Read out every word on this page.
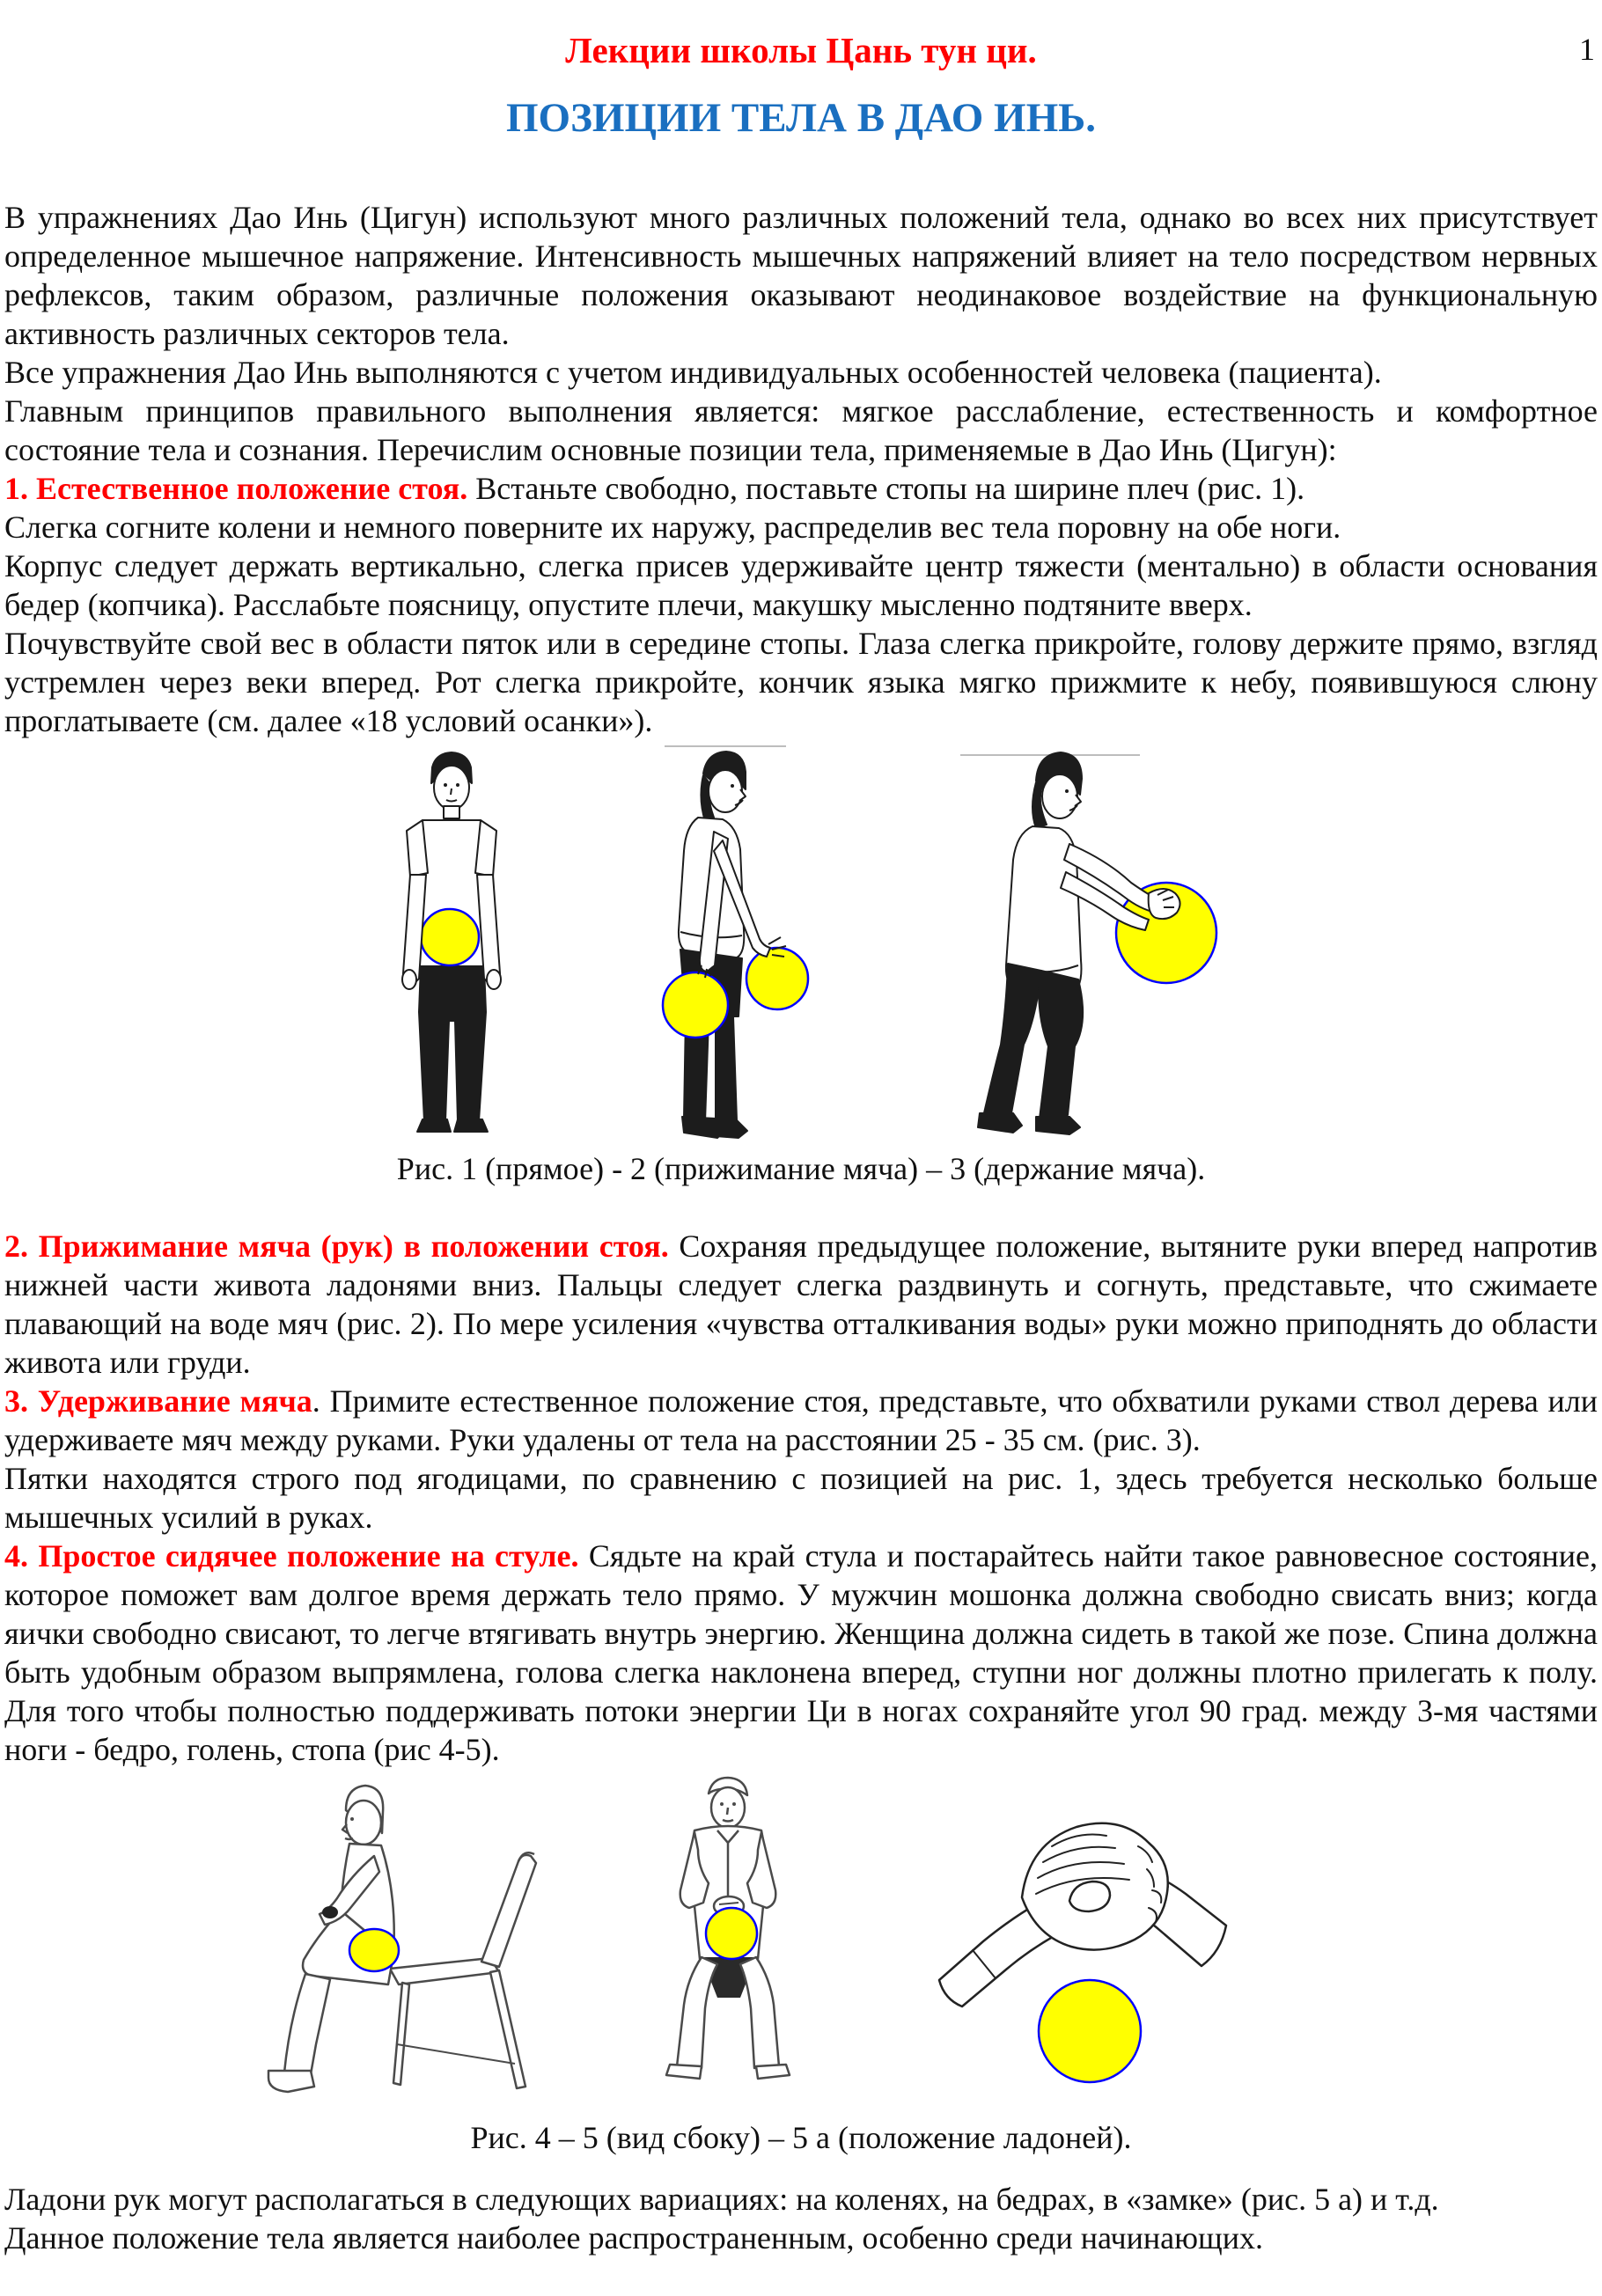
1
Лекции школы Цань тун ци.
ПОЗИЦИИ ТЕЛА В ДАО ИНЬ.

В упражнениях Дао Инь (Цигун) используют много различных положений тела, однако во всех них присутствует определенное мышечное напряжение. Интенсивность мышечных напряжений влияет на тело посредством нервных рефлексов, таким образом, различные положения оказывают неодинаковое воздействие на функциональную активность различных секторов тела.

Все упражнения Дао Инь выполняются с учетом индивидуальных особенностей человека (пациента).

Главным принципов правильного выполнения является: мягкое расслабление, естественность и комфортное состояние тела и сознания. Перечислим основные позиции тела, применяемые в Дао Инь (Цигун):

1. Естественное положение стоя. Встаньте свободно, поставьте стопы на ширине плеч (рис. 1).

Слегка согните колени и немного поверните их наружу, распределив вес тела поровну на обе ноги.

Корпус следует держать вертикально, слегка присев удерживайте центр тяжести (ментально) в области основания бедер (копчика). Расслабьте поясницу, опустите плечи, макушку мысленно подтяните вверх.

Почувствуйте свой вес в области пяток или в середине стопы. Глаза слегка прикройте, голову держите прямо, взгляд устремлен через веки вперед. Рот слегка прикройте, кончик языка мягко прижмите к небу, появившуюся слюну проглатываете (см. далее «18 условий осанки»).

Рис. 1 (прямое) - 2 (прижимание мяча) – 3 (держание мяча).

2. Прижимание мяча (рук) в положении стоя. Сохраняя предыдущее положение, вытяните руки вперед напротив нижней части живота ладонями вниз. Пальцы следует слегка раздвинуть и согнуть, представьте, что сжимаете плавающий на воде мяч (рис. 2). По мере усиления «чувства отталкивания воды» руки можно приподнять до области живота или груди.

3. Удерживание мяча. Примите естественное положение стоя, представьте, что обхватили руками ствол дерева или удерживаете мяч между руками. Руки удалены от тела на расстоянии 25 - 35 см. (рис. 3).

Пятки находятся строго под ягодицами, по сравнению с позицией на рис. 1, здесь требуется несколько больше мышечных усилий в руках.

4. Простое сидячее положение на стуле. Сядьте на край стула и постарайтесь найти такое равновесное состояние, которое поможет вам долгое время держать тело прямо. У мужчин мошонка должна свободно свисать вниз; когда яички свободно свисают, то легче втягивать внутрь энергию. Женщина должна сидеть в такой же позе. Спина должна быть удобным образом выпрямлена, голова слегка наклонена вперед, ступни ног должны плотно прилегать к полу. Для того чтобы полностью поддерживать потоки энергии Ци в ногах сохраняйте угол 90 град. между 3-мя частями ноги - бедро, голень, стопа (рис 4-5).

Рис. 4 – 5 (вид сбоку) – 5 а (положение ладоней).

Ладони рук могут располагаться в следующих вариациях: на коленях, на бедрах, в «замке» (рис. 5 а) и т.д.

Данное положение тела является наиболее распространенным, особенно среди начинающих.
